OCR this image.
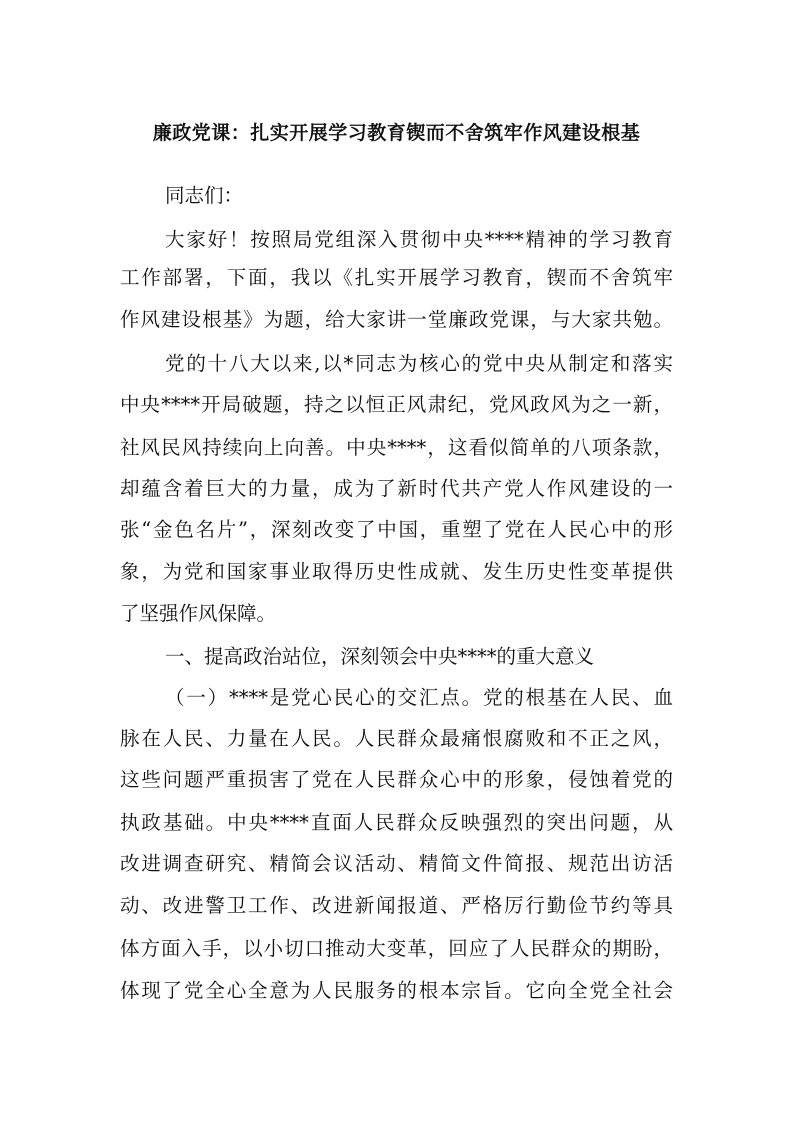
廉政党课：扎实开展学习教育锲而不舍筑牢作风建设根基
同志们：
大家好！按照局党组深入贯彻中央****精神的学习教育
工作部署，下面，我以《扎实开展学习教育，锲而不舍筑牢
作风建设根基》为题，给大家讲一堂廉政党课，与大家共勉。
党的十八大以来,以*同志为核心的党中央从制定和落实
中央****开局破题，持之以恒正风肃纪，党风政风为之一新，
社风民风持续向上向善。中央****，这看似简单的八项条款，
却蕴含着巨大的力量，成为了新时代共产党人作风建设的一
张“金色名片”，深刻改变了中国，重塑了党在人民心中的形
象，为党和国家事业取得历史性成就、发生历史性变革提供
了坚强作风保障。
一、提高政治站位，深刻领会中央****的重大意义
（一）****是党心民心的交汇点。党的根基在人民、血
脉在人民、力量在人民。人民群众最痛恨腐败和不正之风，
这些问题严重损害了党在人民群众心中的形象，侵蚀着党的
执政基础。中央****直面人民群众反映强烈的突出问题，从
改进调查研究、精简会议活动、精简文件简报、规范出访活
动、改进警卫工作、改进新闻报道、严格厉行勤俭节约等具
体方面入手，以小切口推动大变革，回应了人民群众的期盼，
体现了党全心全意为人民服务的根本宗旨。它向全党全社会
